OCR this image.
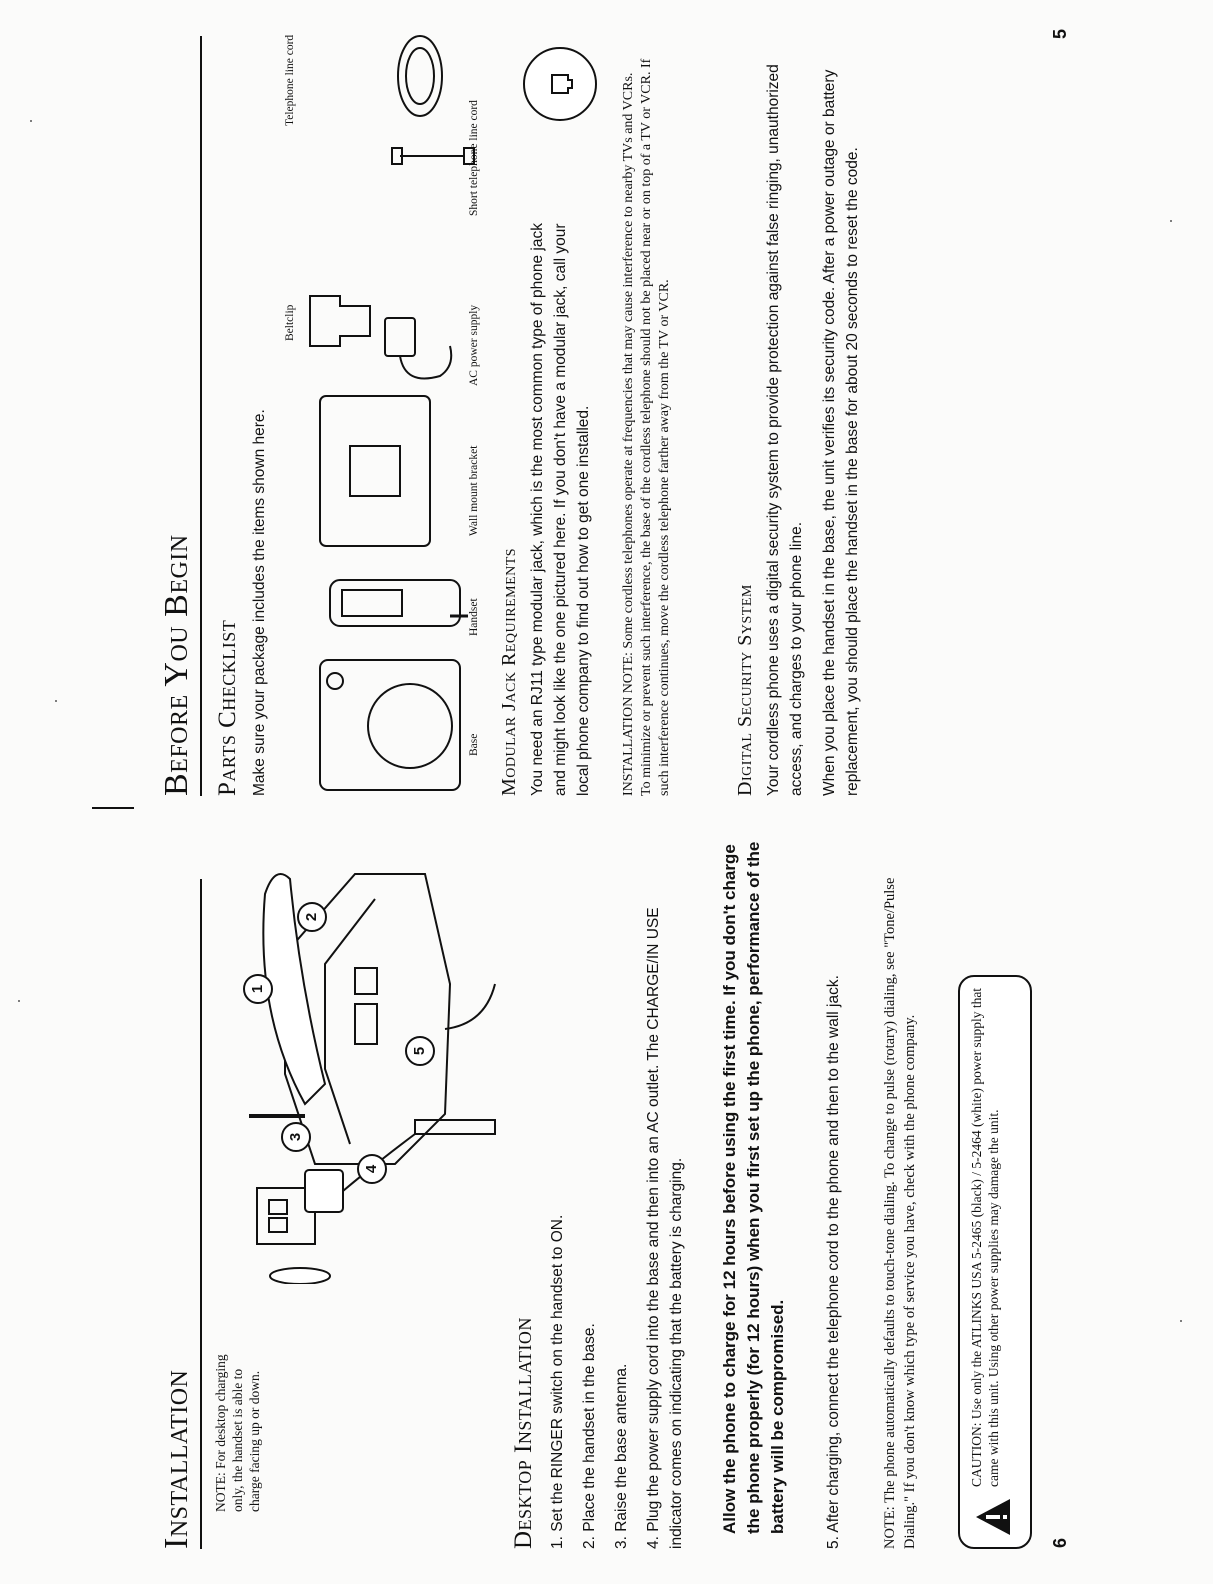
Installation NOTE: For desktop charging only, the handset is able to charge facing up or down.
1
2
3
4
5
Desktop Installation 1. Set the RINGER switch on the handset to ON. 2. Place the handset in the base. 3. Raise the base antenna. 4. Plug the power supply cord into the base and then into an AC outlet. The CHARGE/IN USE indicator comes on indicating that the battery is charging. Allow the phone to charge for 12 hours before using the first time. If you don't charge the phone properly (for 12 hours) when you first set up the phone, performance of the battery will be compromised. 5. After charging, connect the telephone cord to the phone and then to the wall jack.	NOTE: The phone automatically defaults to touch-tone dialing. To change to pulse (rotary) dialing, see "Tone/Pulse Dialing." If you don't know which type of service you have, check with the phone company.	CAUTION: Use only the ATLINKS USA 5-2465 (black) / 5-2464 (white) power supply that came with this unit. Using other power supplies may damage the unit.
6
Before You Begin Parts Checklist Make sure your package includes the items shown here.	Base
Handset
Wall mount bracket
AC power supply
Beltclip
Short telephone line cord
Telephone line cord
Modular Jack Requirements You need an RJ11 type modular jack, which is the most common type of phone jack and might look like the one pictured here. If you don't have a modular jack, call your local phone company to find out how to get one installed. INSTALLATION NOTE: Some cordless telephones operate at frequencies that may cause interference to nearby TVs and VCRs. To minimize or prevent such interference, the base of the cordless telephone should not be placed near or on top of a TV or VCR. If such interference continues, move the cordless telephone farther away from the TV or VCR.	Digital Security System Your cordless phone uses a digital security system to provide protection against false ringing, unauthorized access, and charges to your phone line. When you place the handset in the base, the unit verifies its security code. After a power outage or battery replacement, you should place the handset in the base for about 20 seconds to reset the code.
5
